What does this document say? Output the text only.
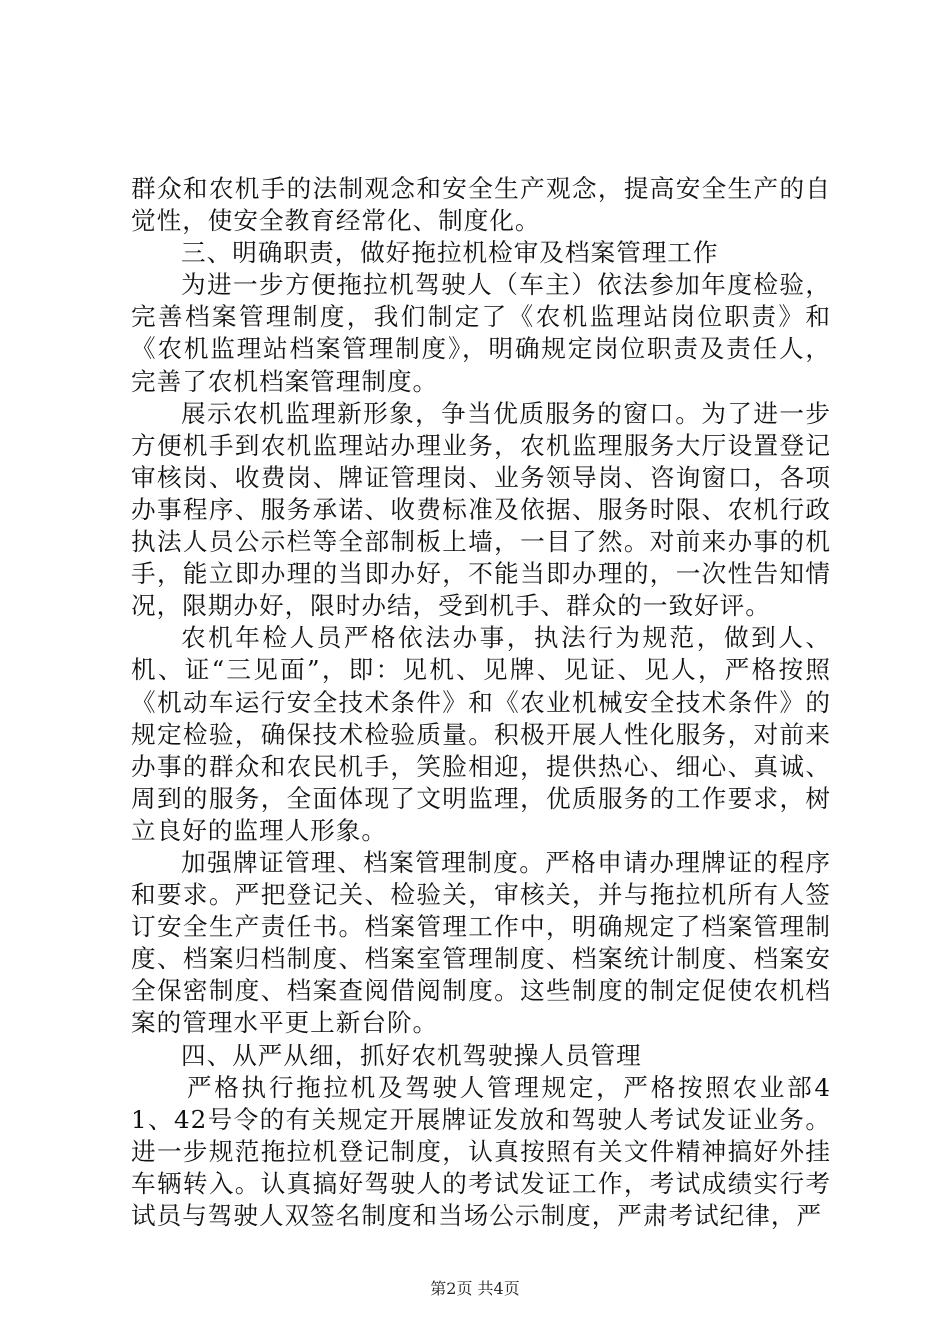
群众和农机手的法制观念和安全生产观念，提高安全生产的自觉性，使安全教育经常化、制度化。

三、明确职责，做好拖拉机检审及档案管理工作

为进一步方便拖拉机驾驶人（车主）依法参加年度检验，完善档案管理制度，我们制定了《农机监理站岗位职责》和《农机监理站档案管理制度》，明确规定岗位职责及责任人，完善了农机档案管理制度。

展示农机监理新形象，争当优质服务的窗口。为了进一步方便机手到农机监理站办理业务，农机监理服务大厅设置登记审核岗、收费岗、牌证管理岗、业务领导岗、咨询窗口，各项办事程序、服务承诺、收费标准及依据、服务时限、农机行政执法人员公示栏等全部制板上墙，一目了然。对前来办事的机手，能立即办理的当即办好，不能当即办理的，一次性告知情况，限期办好，限时办结，受到机手、群众的一致好评。

农机年检人员严格依法办事，执法行为规范，做到人、机、证“三见面”，即：见机、见牌、见证、见人，严格按照《机动车运行安全技术条件》和《农业机械安全技术条件》的规定检验，确保技术检验质量。积极开展人性化服务，对前来办事的群众和农民机手，笑脸相迎，提供热心、细心、真诚、周到的服务，全面体现了文明监理，优质服务的工作要求，树立良好的监理人形象。

加强牌证管理、档案管理制度。严格申请办理牌证的程序和要求。严把登记关、检验关，审核关，并与拖拉机所有人签订安全生产责任书。档案管理工作中，明确规定了档案管理制度、档案归档制度、档案室管理制度、档案统计制度、档案安全保密制度、档案查阅借阅制度。这些制度的制定促使农机档案的管理水平更上新台阶。

四、从严从细，抓好农机驾驶操人员管理

严格执行拖拉机及驾驶人管理规定，严格按照农业部41、42号令的有关规定开展牌证发放和驾驶人考试发证业务。进一步规范拖拉机登记制度，认真按照有关文件精神搞好外挂车辆转入。认真搞好驾驶人的考试发证工作，考试成绩实行考试员与驾驶人双签名制度和当场公示制度，严肃考试纪律，严

第2页 共4页
